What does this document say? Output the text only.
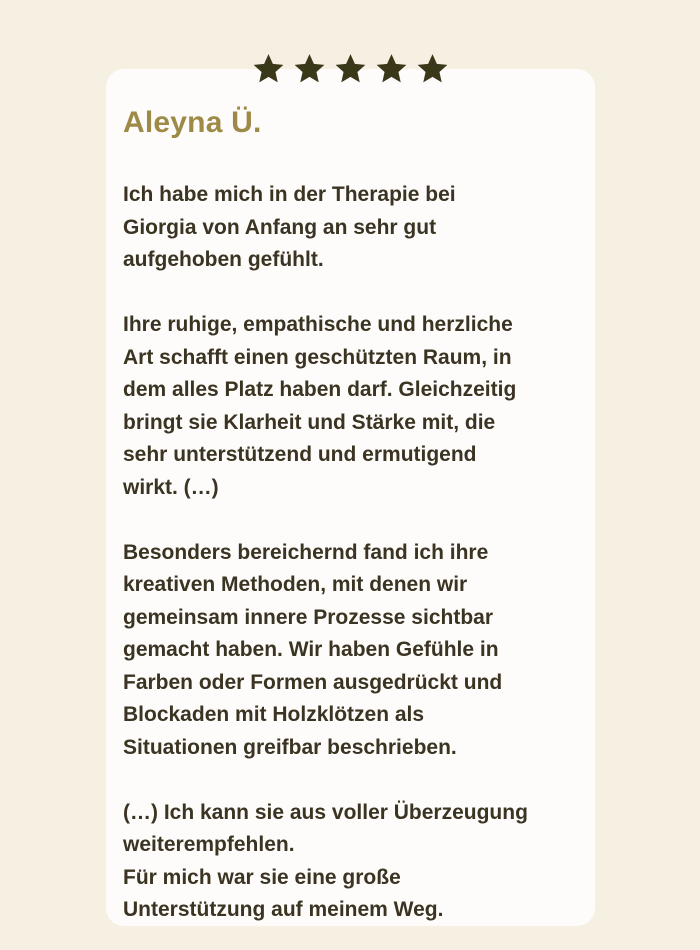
Aleyna Ü.

Ich habe mich in der Therapie bei
Giorgia von Anfang an sehr gut
aufgehoben gefühlt.

Ihre ruhige, empathische und herzliche
Art schafft einen geschützten Raum, in
dem alles Platz haben darf. Gleichzeitig
bringt sie Klarheit und Stärke mit, die
sehr unterstützend und ermutigend
wirkt. (…)

Besonders bereichernd fand ich ihre
kreativen Methoden, mit denen wir
gemeinsam innere Prozesse sichtbar
gemacht haben. Wir haben Gefühle in
Farben oder Formen ausgedrückt und
Blockaden mit Holzklötzen als
Situationen greifbar beschrieben.

(…) Ich kann sie aus voller Überzeugung
weiterempfehlen.
Für mich war sie eine große
Unterstützung auf meinem Weg.
